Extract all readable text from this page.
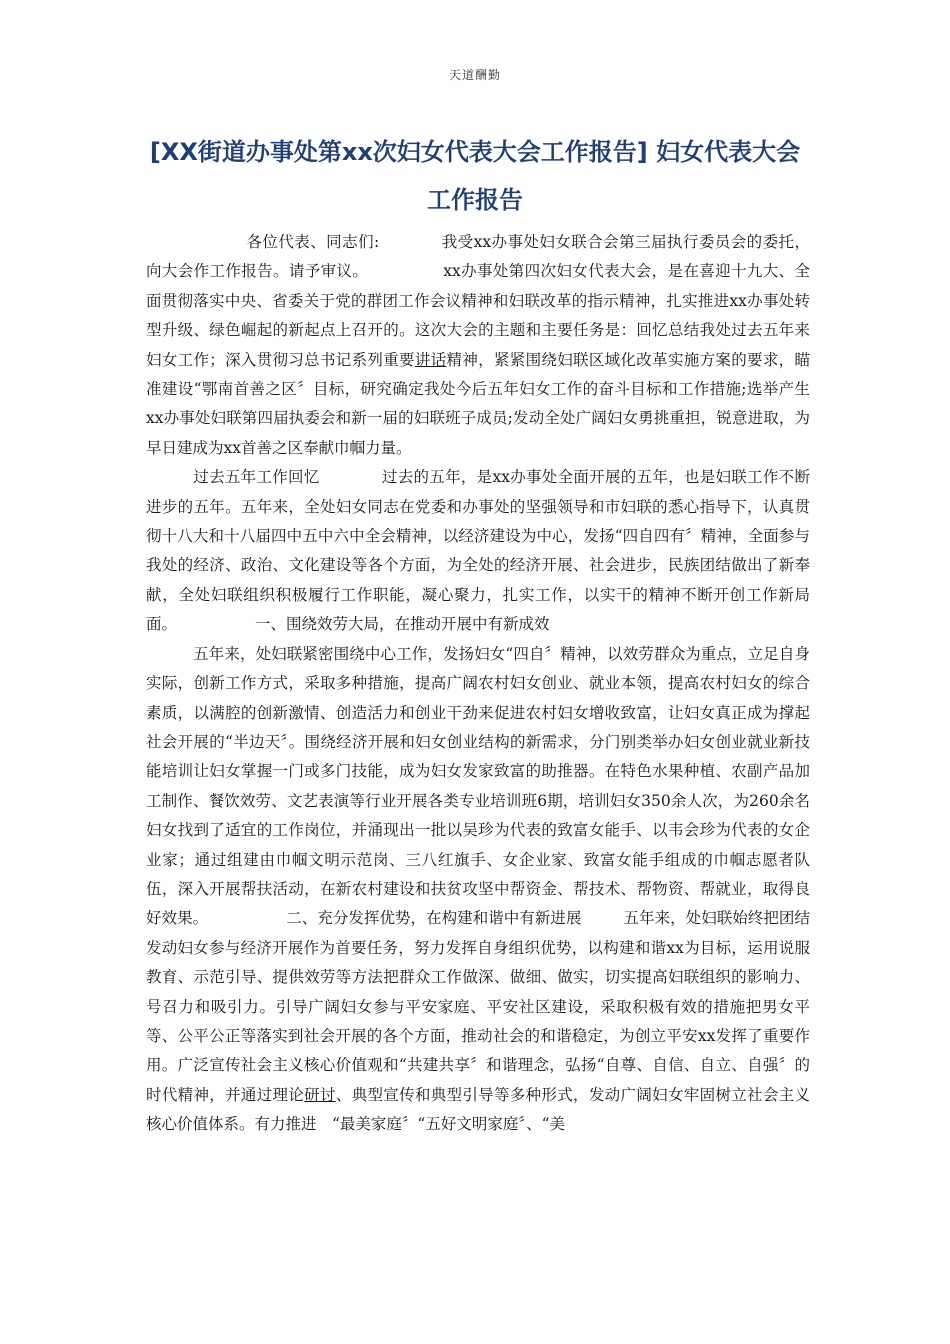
天道酬勤
[XX街道办事处第xx次妇女代表大会工作报告] 妇女代表大会工作报告

各位代表、同志们:	我受xx办事处妇女联合会第三届执行委员会的委托，向大会作工作报告。请予审议。	xx办事处第四次妇女代表大会，是在喜迎十九大、全面贯彻落实中央、省委关于党的群团工作会议精神和妇联改革的指示精神，扎实推进xx办事处转型升级、绿色崛起的新起点上召开的。这次大会的主题和主要任务是：回忆总结我处过去五年来妇女工作；深入贯彻习总书记系列重要讲话精神，紧紧围绕妇联区域化改革实施方案的要求，瞄准建设“鄂南首善之区〞目标，研究确定我处今后五年妇女工作的奋斗目标和工作措施;选举产生xx办事处妇联第四届执委会和新一届的妇联班子成员;发动全处广阔妇女勇挑重担，锐意进取，为早日建成为xx首善之区奉献巾帼力量。

过去五年工作回忆	过去的五年，是xx办事处全面开展的五年，也是妇联工作不断进步的五年。五年来，全处妇女同志在党委和办事处的坚强领导和市妇联的悉心指导下，认真贯彻十八大和十八届四中五中六中全会精神，以经济建设为中心，发扬“四自四有〞精神，全面参与我处的经济、政治、文化建设等各个方面，为全处的经济开展、社会进步，民族团结做出了新奉献，全处妇联组织积极履行工作职能，凝心聚力，扎实工作，以实干的精神不断开创工作新局面。	一、围绕效劳大局，在推动开展中有新成效

五年来，处妇联紧密围绕中心工作，发扬妇女“四自〞精神，以效劳群众为重点，立足自身实际，创新工作方式，采取多种措施，提高广阔农村妇女创业、就业本领，提高农村妇女的综合素质，以满腔的创新激情、创造活力和创业干劲来促进农村妇女增收致富，让妇女真正成为撑起社会开展的“半边天〞。围绕经济开展和妇女创业结构的新需求，分门别类举办妇女创业就业新技能培训让妇女掌握一门或多门技能，成为妇女发家致富的助推器。在特色水果种植、农副产品加工制作、餐饮效劳、文艺表演等行业开展各类专业培训班6期，培训妇女350余人次，为260余名妇女找到了适宜的工作岗位，并涌现出一批以吴珍为代表的致富女能手、以韦会珍为代表的女企业家；通过组建由巾帼文明示范岗、三八红旗手、女企业家、致富女能手组成的巾帼志愿者队伍，深入开展帮扶活动，在新农村建设和扶贫攻坚中帮资金、帮技术、帮物资、帮就业，取得良好效果。	二、充分发挥优势，在构建和谐中有新进展	五年来，处妇联始终把团结发动妇女参与经济开展作为首要任务，努力发挥自身组织优势，以构建和谐xx为目标，运用说服教育、示范引导、提供效劳等方法把群众工作做深、做细、做实，切实提高妇联组织的影响力、号召力和吸引力。引导广阔妇女参与平安家庭、平安社区建设，采取积极有效的措施把男女平等、公平公正等落实到社会开展的各个方面，推动社会的和谐稳定，为创立平安xx发挥了重要作用。广泛宣传社会主义核心价值观和“共建共享〞和谐理念，弘扬“自尊、自信、自立、自强〞的时代精神，并通过理论研讨、典型宣传和典型引导等多种形式，发动广阔妇女牢固树立社会主义核心价值体系。有力推进　“最美家庭〞“五好文明家庭〞、“美
